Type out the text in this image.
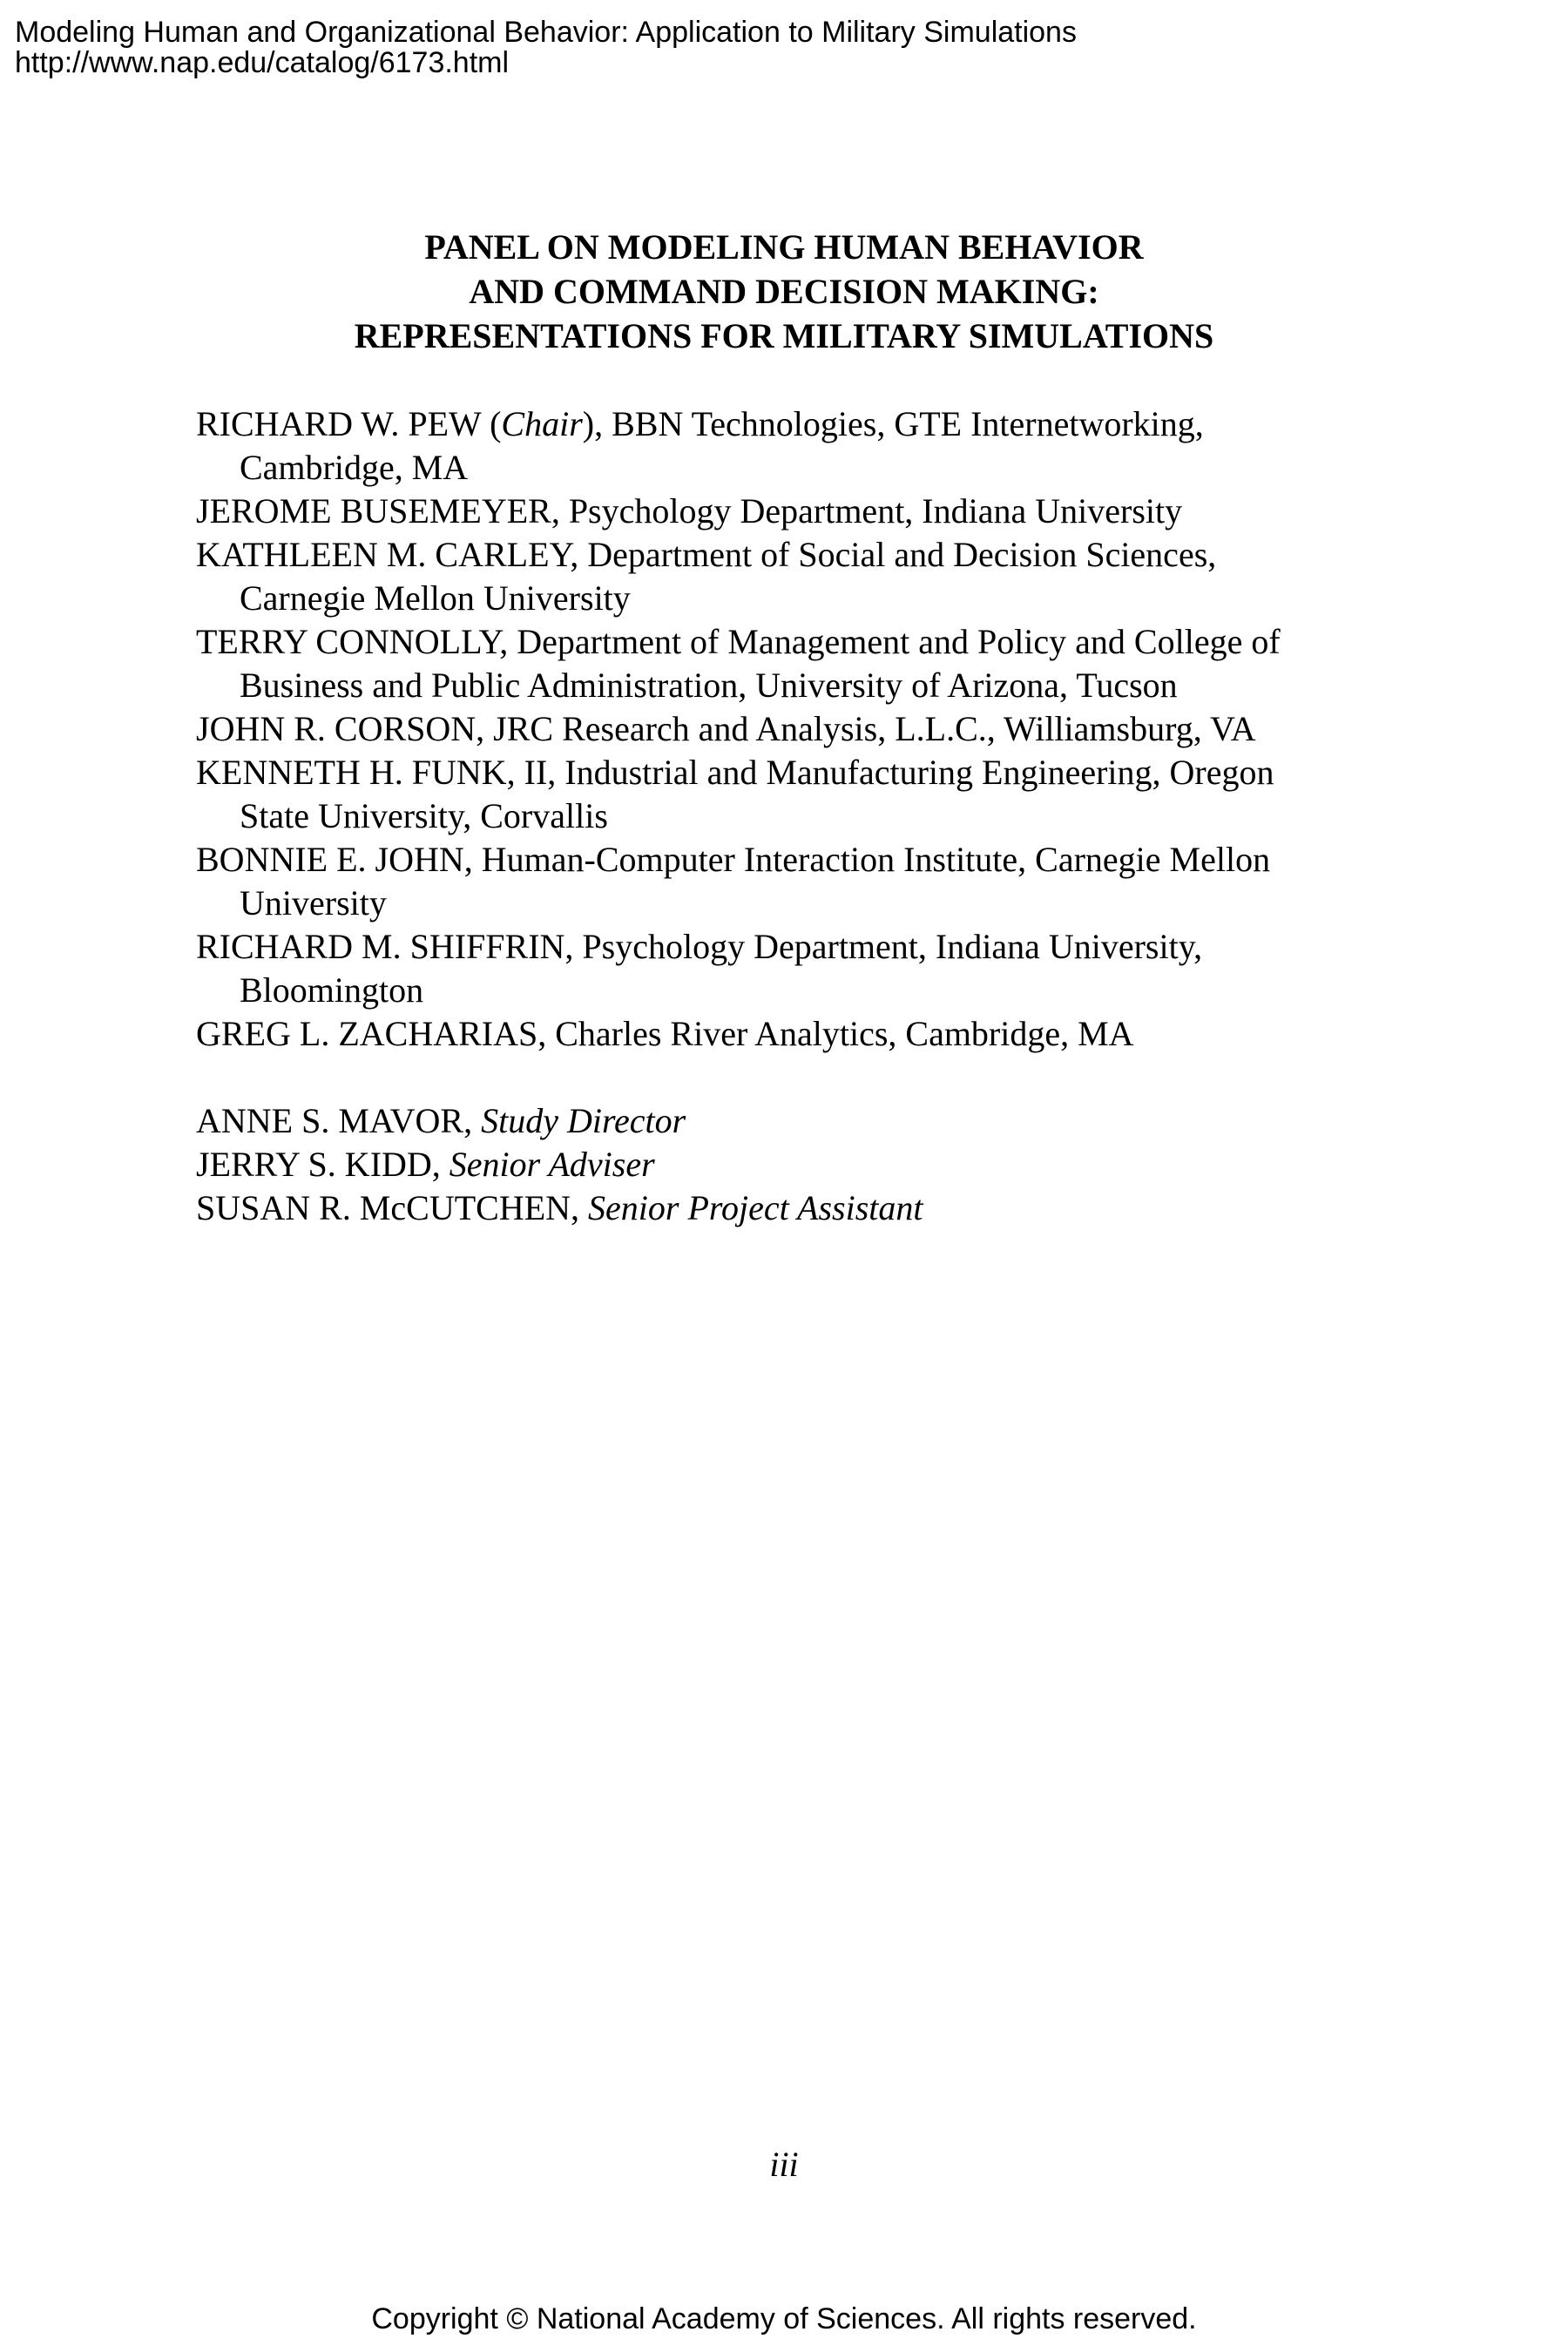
Modeling Human and Organizational Behavior: Application to Military Simulations
http://www.nap.edu/catalog/6173.html
PANEL ON MODELING HUMAN BEHAVIOR
AND COMMAND DECISION MAKING:
REPRESENTATIONS FOR MILITARY SIMULATIONS
RICHARD W. PEW (Chair), BBN Technologies, GTE Internetworking,
Cambridge, MA
JEROME BUSEMEYER, Psychology Department, Indiana University
KATHLEEN M. CARLEY, Department of Social and Decision Sciences,
Carnegie Mellon University
TERRY CONNOLLY, Department of Management and Policy and College of
Business and Public Administration, University of Arizona, Tucson
JOHN R. CORSON, JRC Research and Analysis, L.L.C., Williamsburg, VA
KENNETH H. FUNK, II, Industrial and Manufacturing Engineering, Oregon
State University, Corvallis
BONNIE E. JOHN, Human-Computer Interaction Institute, Carnegie Mellon
University
RICHARD M. SHIFFRIN, Psychology Department, Indiana University,
Bloomington
GREG L. ZACHARIAS, Charles River Analytics, Cambridge, MA
ANNE S. MAVOR, Study Director
JERRY S. KIDD, Senior Adviser
SUSAN R. McCUTCHEN, Senior Project Assistant
iii
Copyright © National Academy of Sciences. All rights reserved.
